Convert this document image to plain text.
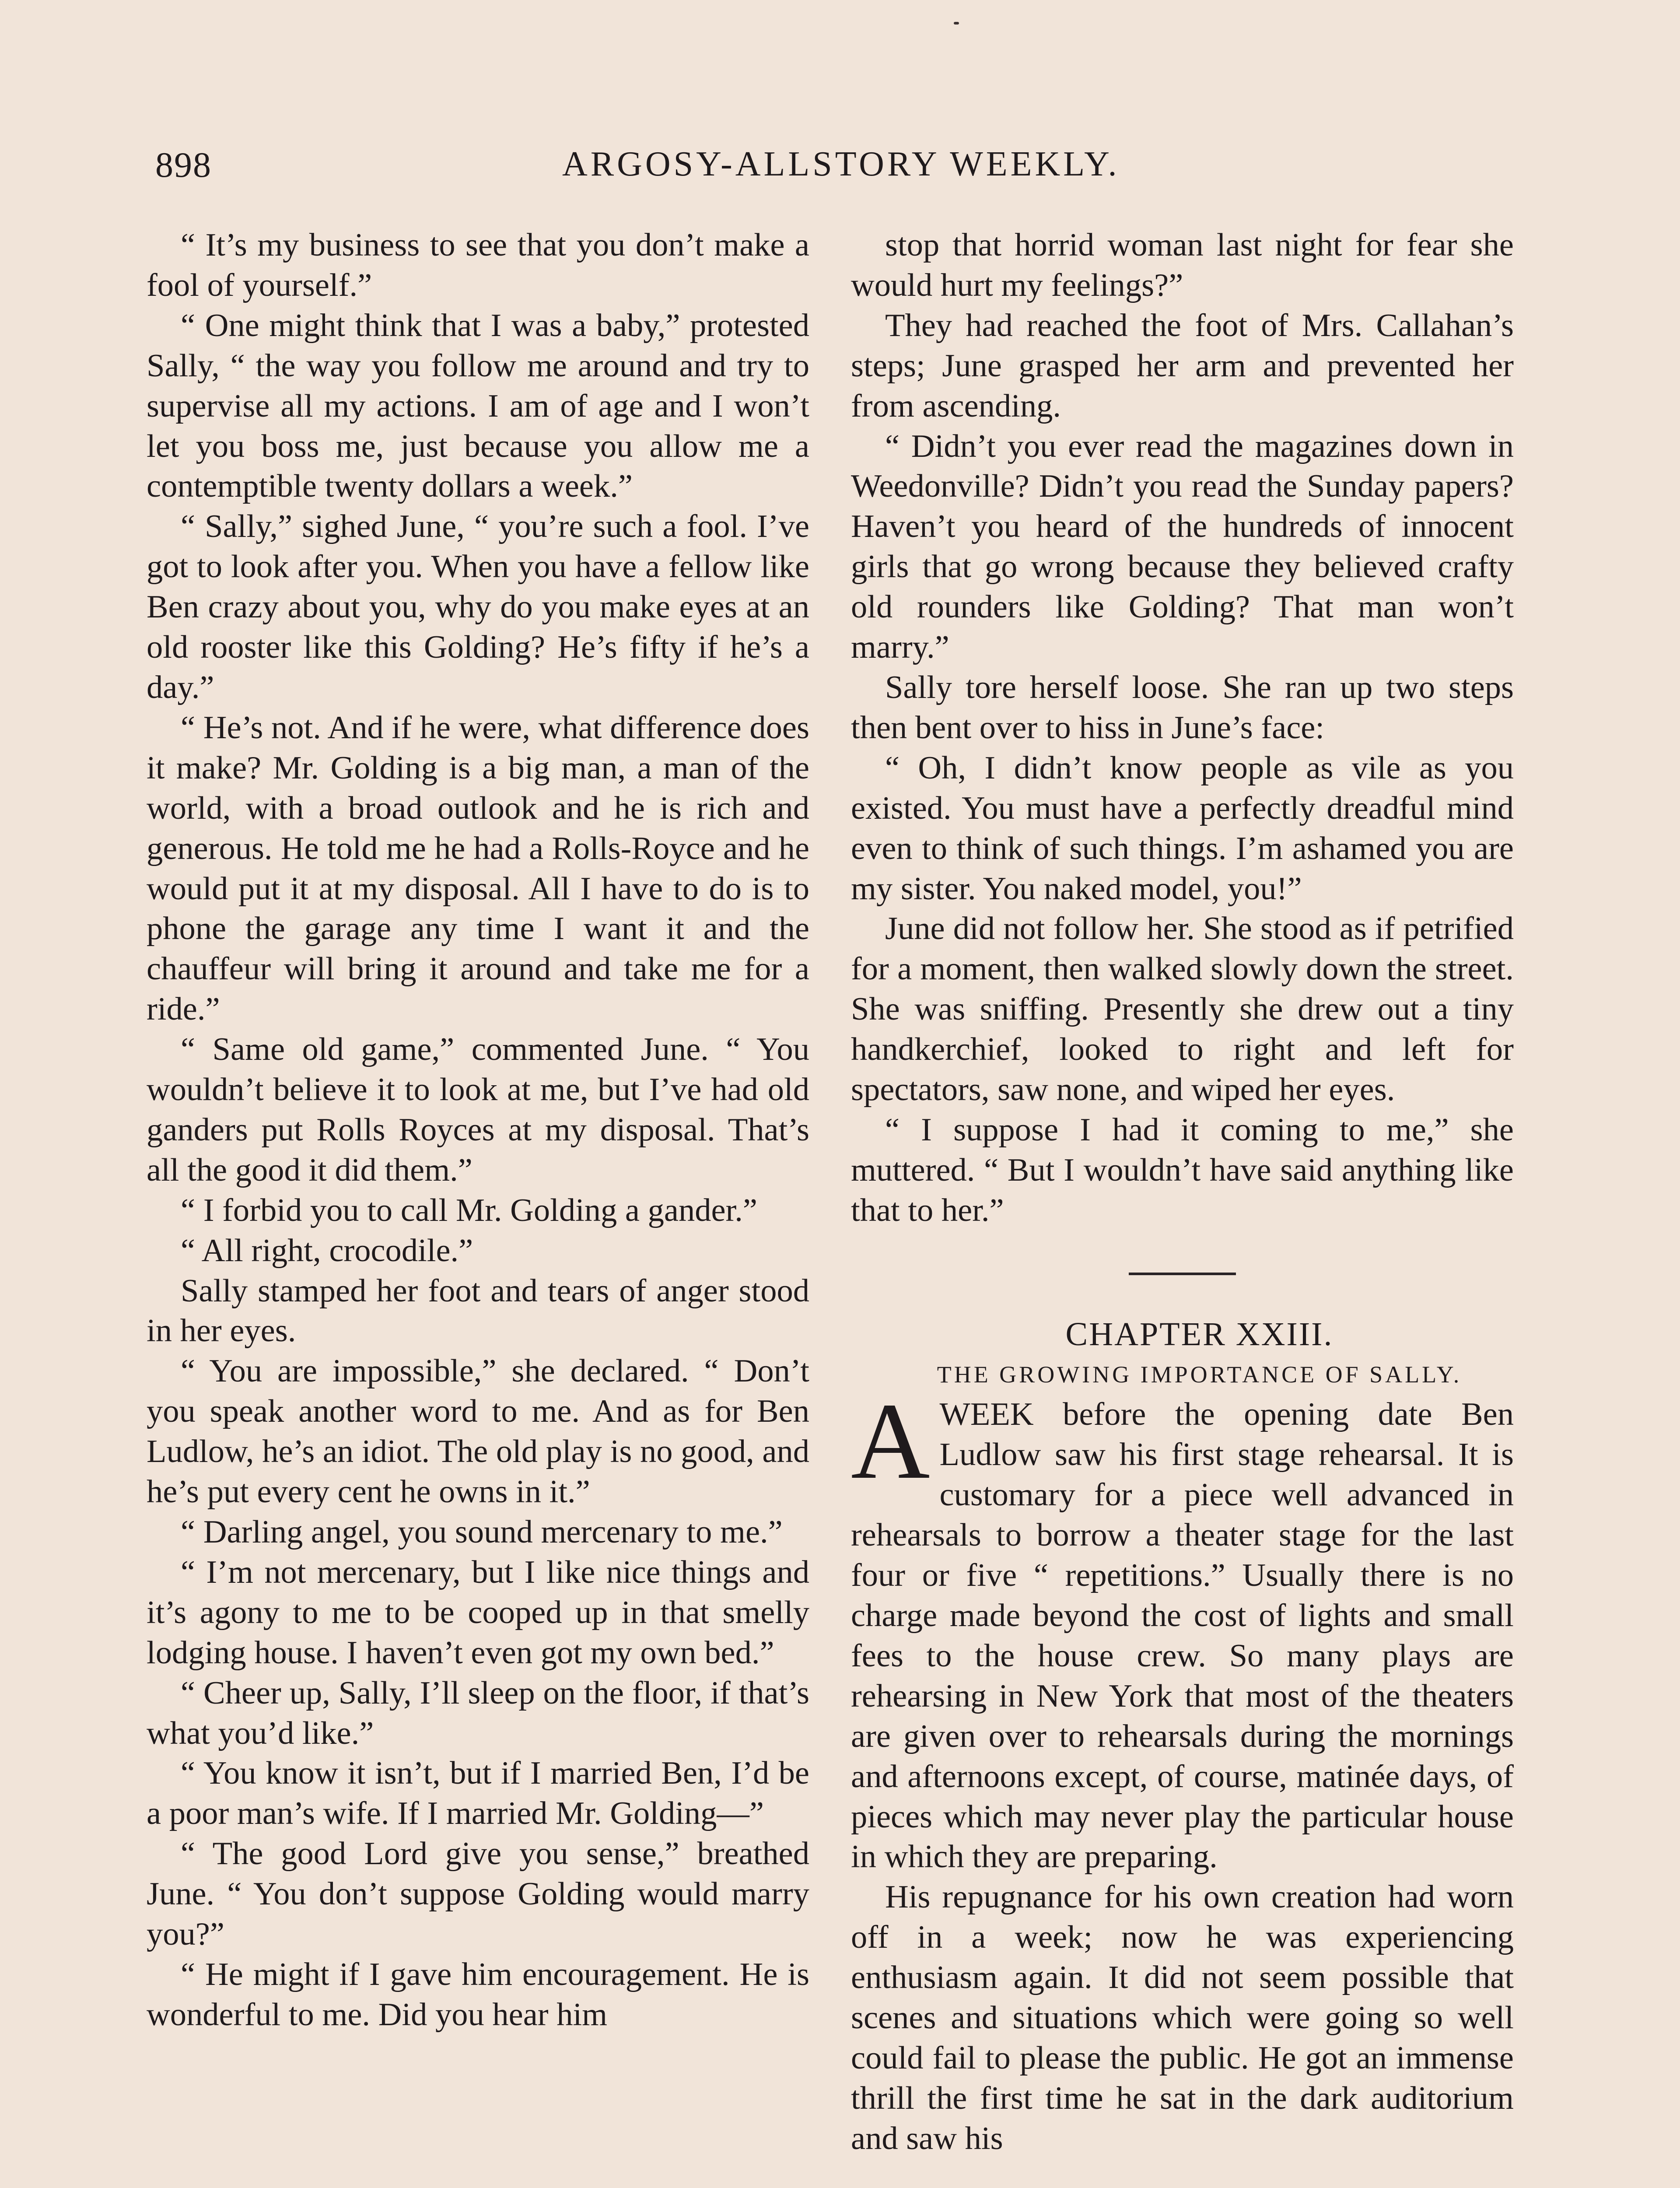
898	ARGOSY-ALLSTORY WEEKLY.

“ It’s my business to see that you don’t make a fool of yourself.”

“ One might think that I was a baby,” protested Sally, “ the way you follow me around and try to supervise all my actions. I am of age and I won’t let you boss me, just because you allow me a contemptible twenty dollars a week.”

“ Sally,” sighed June, “ you’re such a fool. I’ve got to look after you. When you have a fellow like Ben crazy about you, why do you make eyes at an old rooster like this Golding? He’s fifty if he’s a day.”

“ He’s not. And if he were, what difference does it make? Mr. Golding is a big man, a man of the world, with a broad outlook and he is rich and generous. He told me he had a Rolls-Royce and he would put it at my disposal. All I have to do is to phone the garage any time I want it and the chauffeur will bring it around and take me for a ride.”

“ Same old game,” commented June. “ You wouldn’t believe it to look at me, but I’ve had old ganders put Rolls Royces at my disposal. That’s all the good it did them.”

“ I forbid you to call Mr. Golding a gander.”

“ All right, crocodile.”

Sally stamped her foot and tears of anger stood in her eyes.

“ You are impossible,” she declared. “ Don’t you speak another word to me. And as for Ben Ludlow, he’s an idiot. The old play is no good, and he’s put every cent he owns in it.”

“ Darling angel, you sound mercenary to me.”

“ I’m not mercenary, but I like nice things and it’s agony to me to be cooped up in that smelly lodging house. I haven’t even got my own bed.”

“ Cheer up, Sally, I’ll sleep on the floor, if that’s what you’d like.”

“ You know it isn’t, but if I married Ben, I’d be a poor man’s wife. If I married Mr. Golding—”

“ The good Lord give you sense,” breathed June. “ You don’t suppose Golding would marry you?”

“ He might if I gave him encouragement. He is wonderful to me. Did you hear him

stop that horrid woman last night for fear she would hurt my feelings?”

They had reached the foot of Mrs. Callahan’s steps; June grasped her arm and prevented her from ascending.

“ Didn’t you ever read the magazines down in Weedonville? Didn’t you read the Sunday papers? Haven’t you heard of the hundreds of innocent girls that go wrong because they believed crafty old rounders like Golding? That man won’t marry.”

Sally tore herself loose. She ran up two steps then bent over to hiss in June’s face:

“ Oh, I didn’t know people as vile as you existed. You must have a perfectly dreadful mind even to think of such things. I’m ashamed you are my sister. You naked model, you!”

June did not follow her. She stood as if petrified for a moment, then walked slowly down the street. She was sniffing. Presently she drew out a tiny handkerchief, looked to right and left for spectators, saw none, and wiped her eyes.

“ I suppose I had it coming to me,” she muttered. “ But I wouldn’t have said anything like that to her.”

CHAPTER XXIII.

THE GROWING IMPORTANCE OF SALLY.

AWEEK before the opening date Ben Ludlow saw his first stage rehearsal. It is customary for a piece well advanced in rehearsals to borrow a theater stage for the last four or five “ repetitions.” Usually there is no charge made beyond the cost of lights and small fees to the house crew. So many plays are rehearsing in New York that most of the theaters are given over to rehearsals during the mornings and afternoons except, of course, matinée days, of pieces which may never play the particular house in which they are preparing.

His repugnance for his own creation had worn off in a week; now he was experiencing enthusiasm again. It did not seem possible that scenes and situations which were going so well could fail to please the public. He got an immense thrill the first time he sat in the dark auditorium and saw his
